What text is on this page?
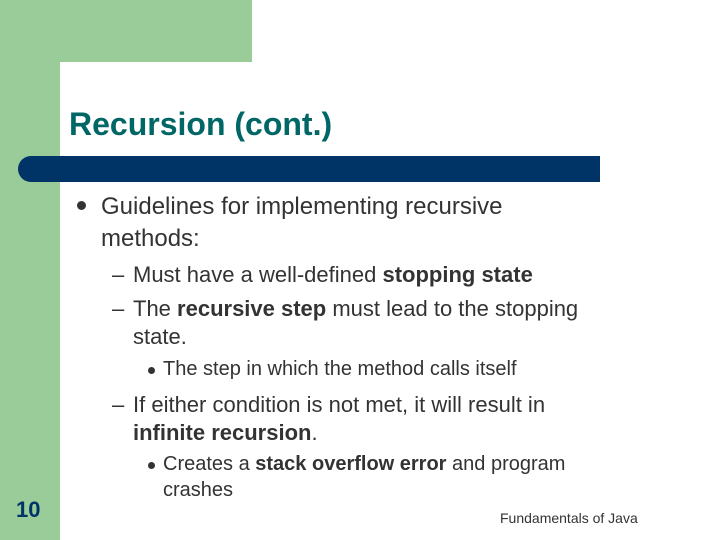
Recursion (cont.)
Guidelines for implementing recursive
methods:
– Must have a well-defined stopping state
– The recursive step must lead to the stopping
state.
The step in which the method calls itself
– If either condition is not met, it will result in
infinite recursion.
Creates a stack overflow error and program
crashes
10	Fundamentals of Java
